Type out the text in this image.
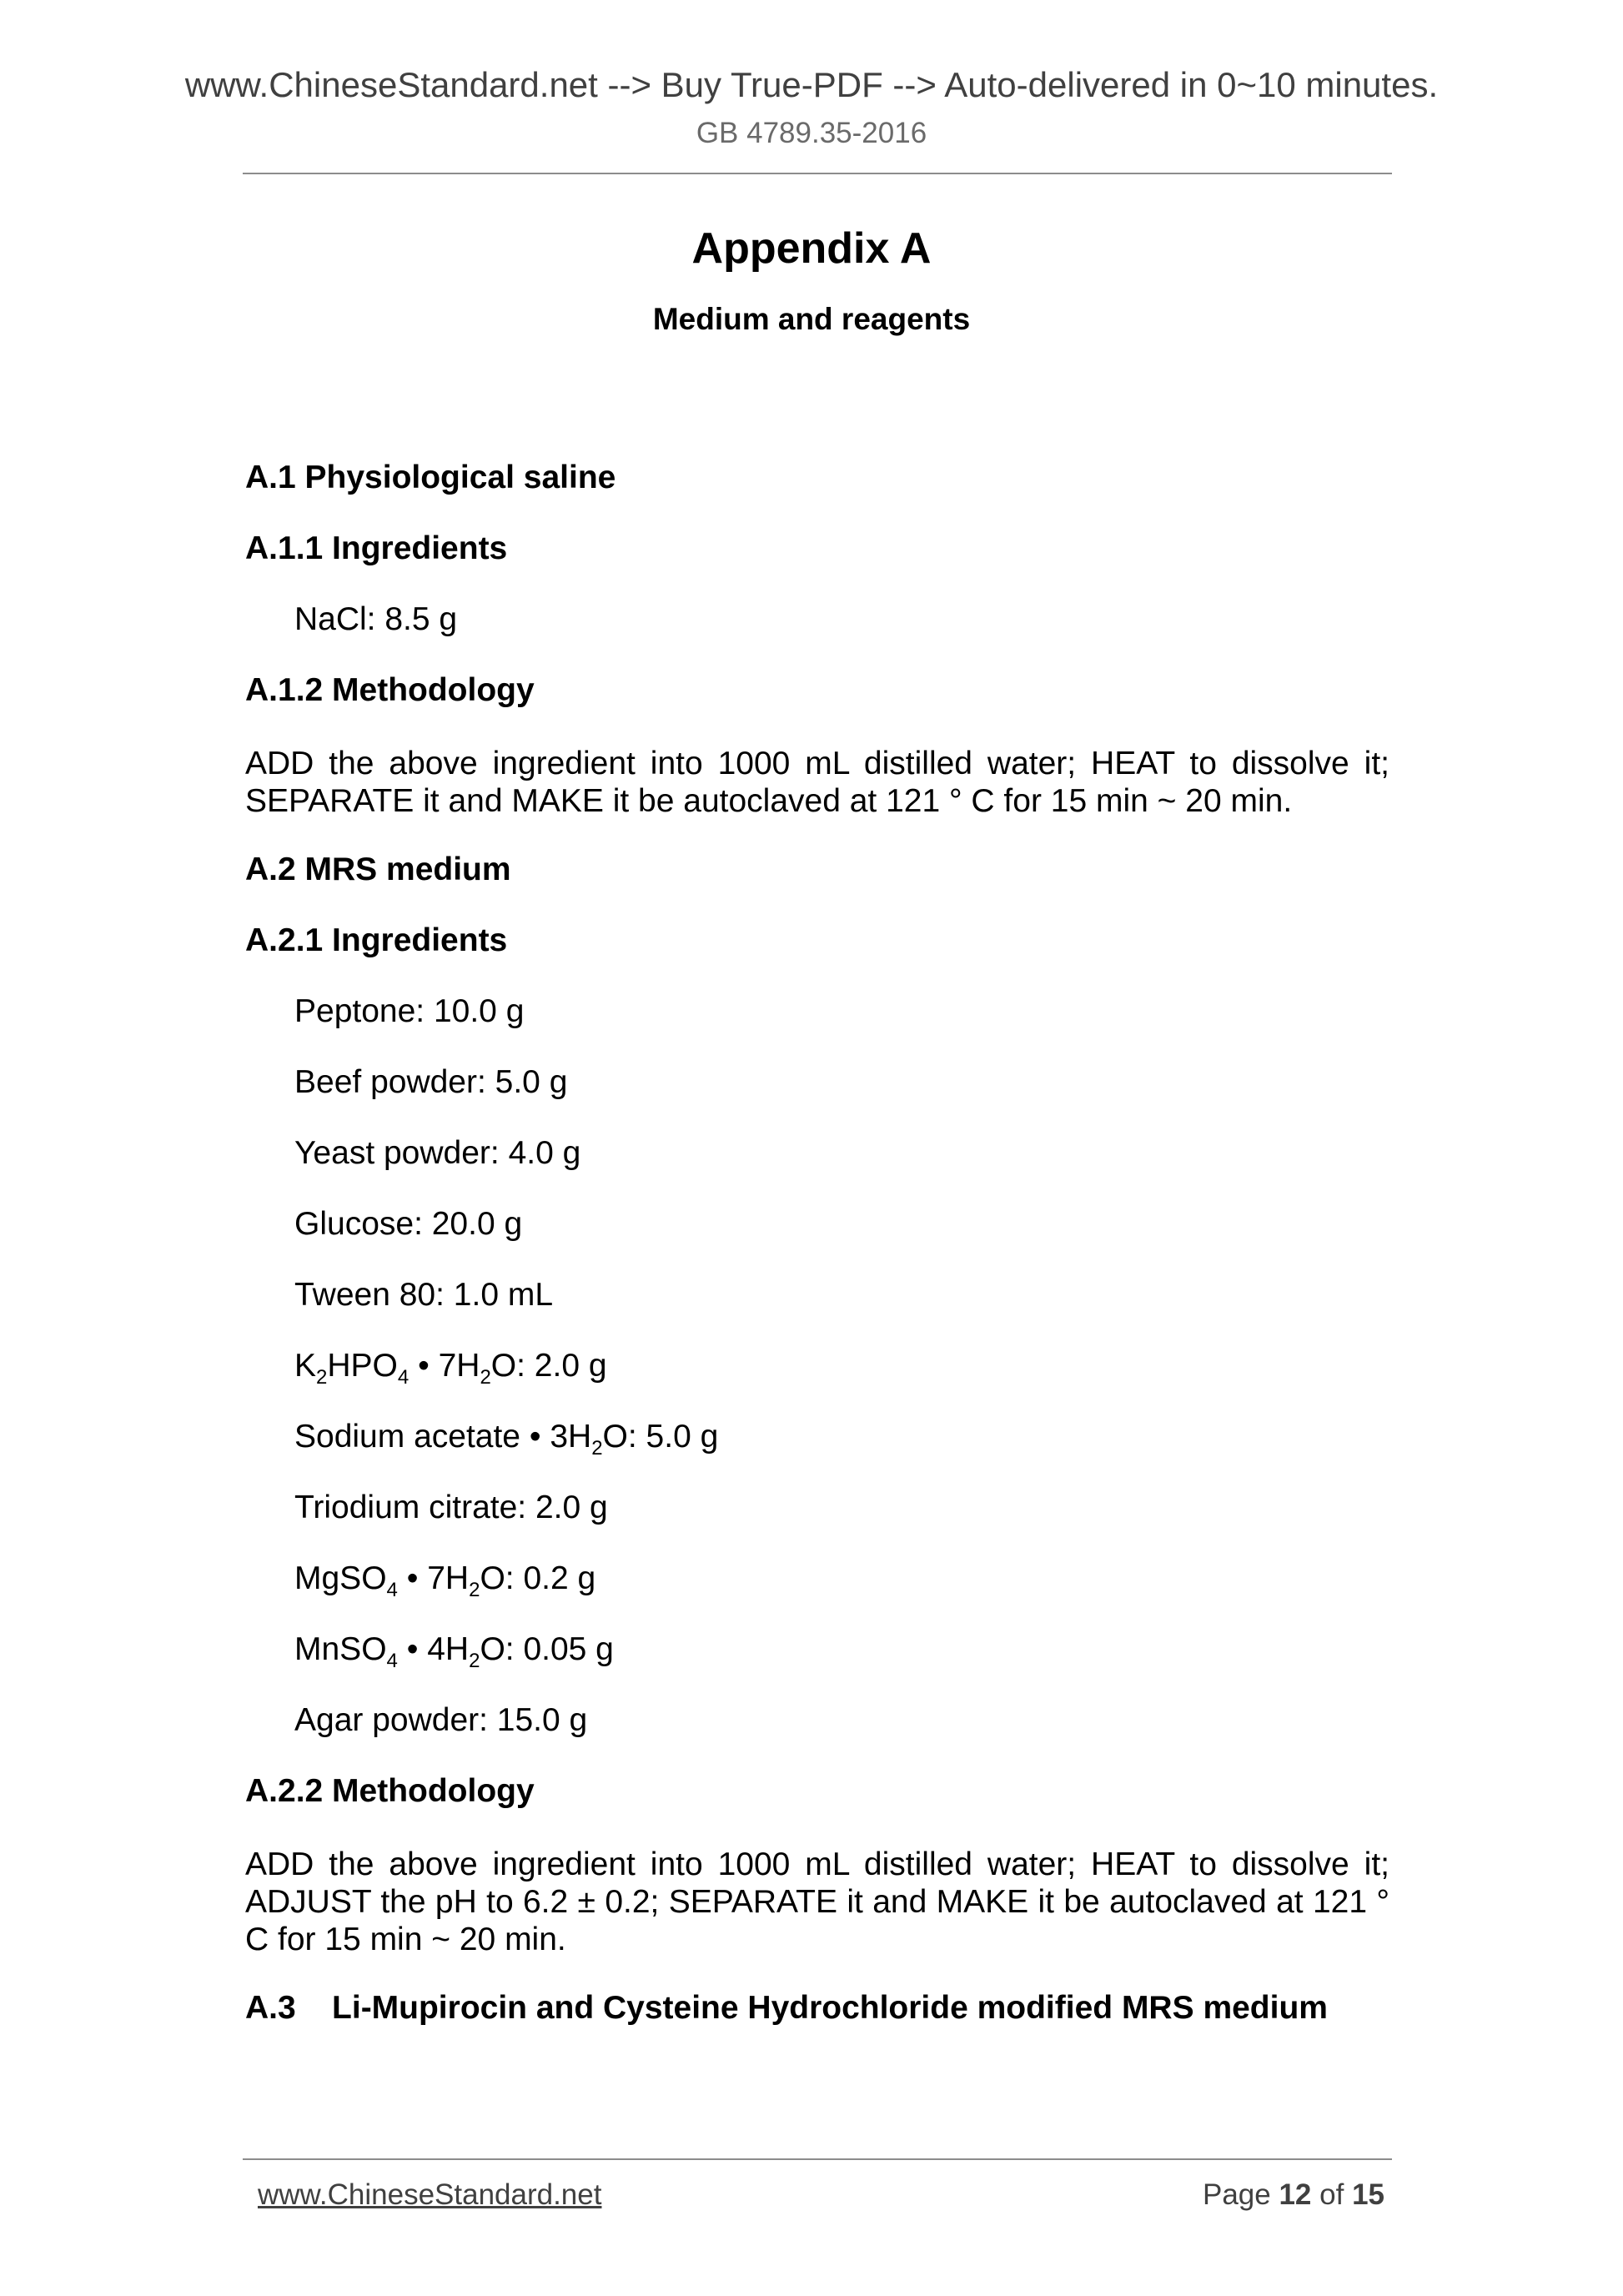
www.ChineseStandard.net --> Buy True-PDF --> Auto-delivered in 0~10 minutes.
GB 4789.35-2016
Appendix A
Medium and reagents
A.1 Physiological saline
A.1.1 Ingredients
NaCl: 8.5 g
A.1.2 Methodology
ADD the above ingredient into 1000 mL distilled water; HEAT to dissolve it;
SEPARATE it and MAKE it be autoclaved at 121 ° C for 15 min ~ 20 min.
A.2 MRS medium
A.2.1 Ingredients
Peptone: 10.0 g
Beef powder: 5.0 g
Yeast powder: 4.0 g
Glucose: 20.0 g
Tween 80: 1.0 mL
$K_2HPO_4$ • $7H_2O$: 2.0 g
Sodium acetate • $3H_2O$: 5.0 g
Triodium citrate: 2.0 g
MgSO$_4$ • $7H_2O$: 0.2 g
MnSO$_4$ • $4H_2O$: 0.05 g
Agar powder: 15.0 g
A.2.2 Methodology
ADD the above ingredient into 1000 mL distilled water; HEAT to dissolve it;
ADJUST the pH to 6.2 ± 0.2; SEPARATE it and MAKE it be autoclaved at 121 °
C for 15 min ~ 20 min.
A.3    Li-Mupirocin and Cysteine Hydrochloride modified MRS medium
www.ChineseStandard.net	Page 12 of 15
